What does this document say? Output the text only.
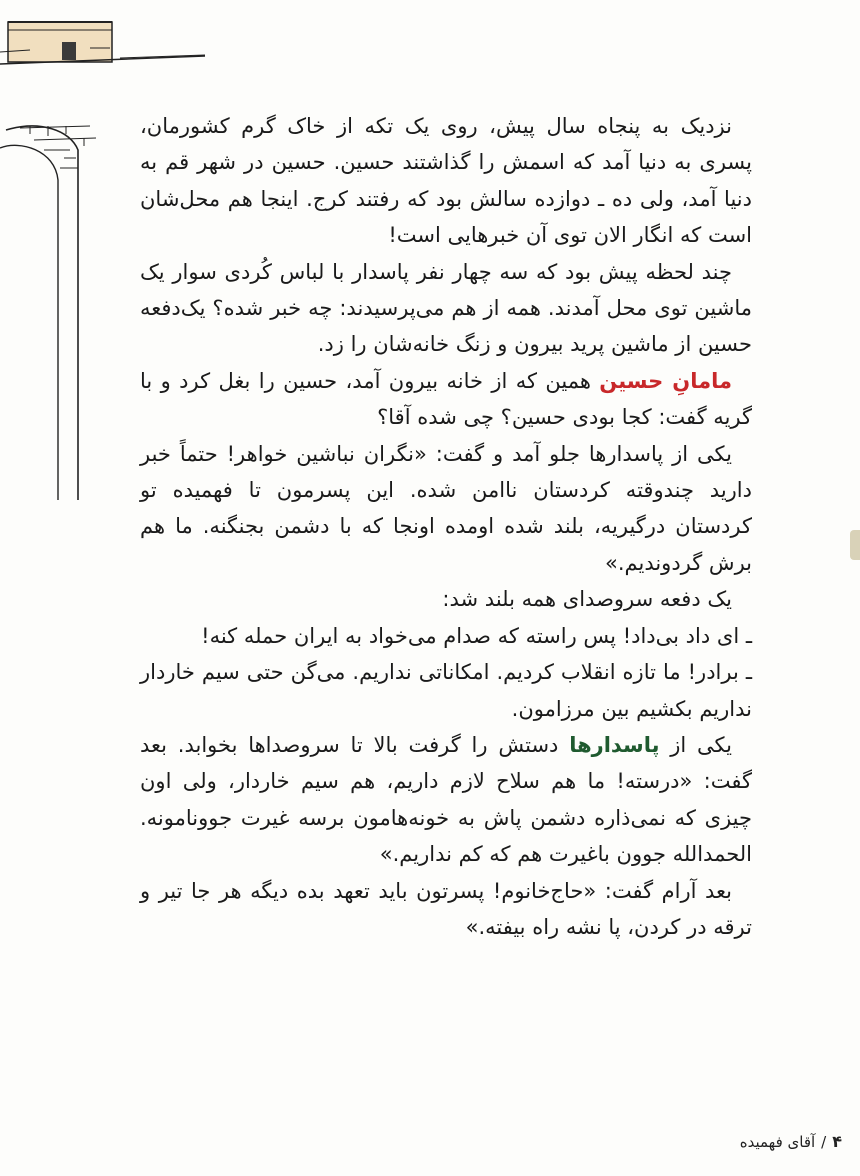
نزدیک به پنجاه سال پیش، روی یک تکه از خاک گرم کشورمان، پسری به دنیا آمد که اسمش را گذاشتند حسین. حسین در شهر قم به دنیا آمد، ولی ده ـ دوازده سالش بود که رفتند کرج. اینجا هم محل‌شان است که انگار الان توی آن خبرهایی است!

چند لحظه پیش بود که سه چهار نفر پاسدار با لباس کُردی سوار یک ماشین توی محل آمدند. همه از هم می‌پرسیدند: چه خبر شده؟ یک‌دفعه حسین از ماشین پرید بیرون و زنگ خانه‌شان را زد.

مامانِ حسین همین که از خانه بیرون آمد، حسین را بغل کرد و با گریه گفت: کجا بودی حسین؟ چی شده آقا؟

یکی از پاسدارها جلو آمد و گفت: «نگران نباشین خواهر! حتماً خبر دارید چندوقته کردستان ناامن شده. این پسرمون تا فهمیده تو کردستان درگیریه، بلند شده اومده اونجا که با دشمن بجنگنه. ما هم برش گردوندیم.»

یک دفعه سروصدای همه بلند شد:

ـ ای داد بی‌داد! پس راسته که صدام می‌خواد به ایران حمله کنه!

ـ برادر! ما تازه انقلاب کردیم. امکاناتی نداریم. می‌گن حتی سیم خاردار نداریم بکشیم بین مرزامون.

یکی از پاسدارها دستش را گرفت بالا تا سروصداها بخوابد. بعد گفت: «درسته! ما هم سلاح لازم داریم، هم سیم خاردار، ولی اون چیزی که نمی‌ذاره دشمن پاش به خونه‌هامون برسه غیرت جوونامونه. الحمدالله جوون باغیرت هم که کم نداریم.»

بعد آرام گفت: «حاج‌خانوم! پسرتون باید تعهد بده دیگه هر جا تیر و ترقه در کردن، پا نشه راه بیفته.»

۴
/
آقای فهمیده
